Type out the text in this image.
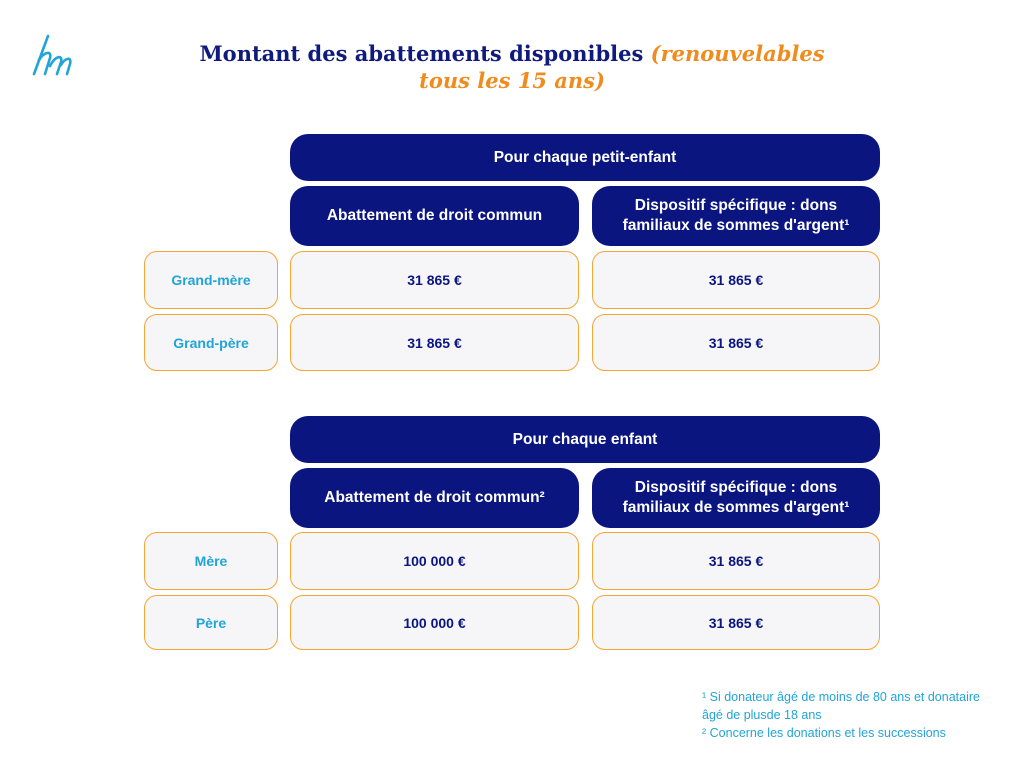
Montant des abattements disponibles (renouvelables
tous les 15 ans)
Pour chaque petit-enfant
Abattement de droit commun
Dispositif spécifique : dons familiaux de sommes d'argent¹
Grand-mère	31 865 €	31 865 €
Grand-père	31 865 €	31 865 €
Pour chaque enfant
Abattement de droit commun²
Dispositif spécifique : dons familiaux de sommes d'argent¹
Mère	100 000 €	31 865 €
Père	100 000 €	31 865 €
¹ Si donateur âgé de moins de 80 ans et donataire
âgé de plusde 18 ans
² Concerne les donations et les successions
